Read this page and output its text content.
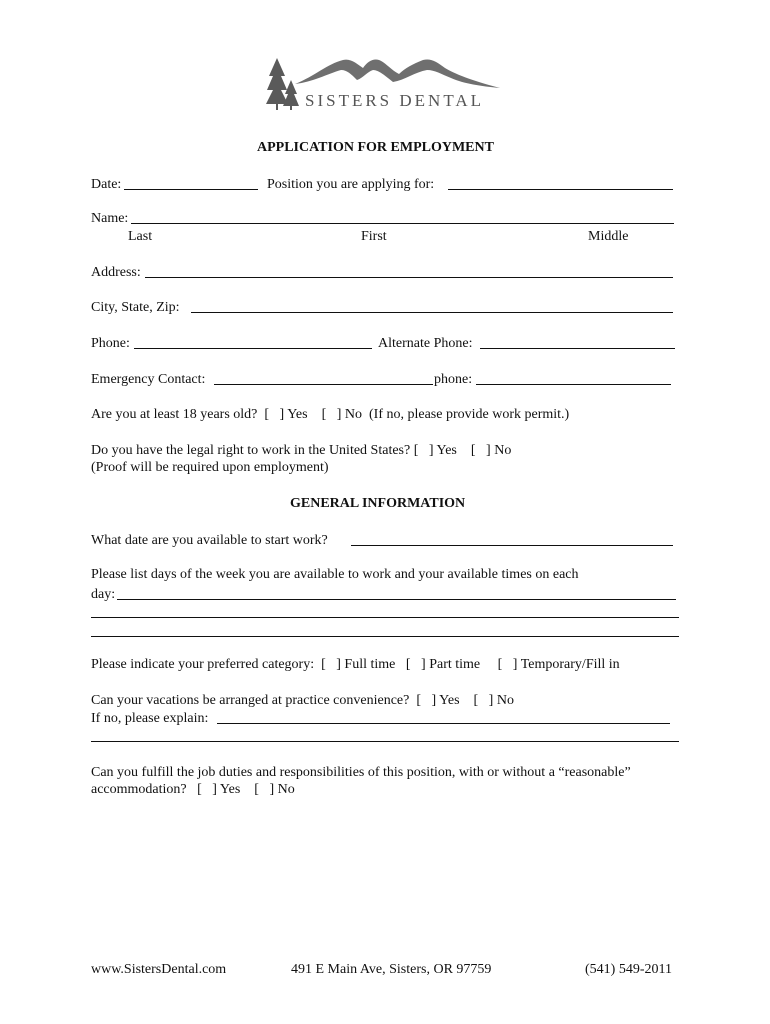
SISTERS DENTAL
APPLICATION FOR EMPLOYMENT
Date:	Position you are applying for:
Name:
Last	First	Middle
Address:
City, State, Zip:
Phone:	Alternate Phone:
Emergency Contact:	phone:
Are you at least 18 years old?  [   ] Yes    [   ] No  (If no, please provide work permit.)
Do you have the legal right to work in the United States? [   ] Yes    [   ] No
(Proof will be required upon employment)
GENERAL INFORMATION
What date are you available to start work?
Please list days of the week you are available to work and your available times on each
day:
Please indicate your preferred category:  [   ] Full time   [   ] Part time     [   ] Temporary/Fill in
Can your vacations be arranged at practice convenience?  [   ] Yes    [   ] No
If no, please explain:
Can you fulfill the job duties and responsibilities of this position, with or without a “reasonable”
accommodation?   [   ] Yes    [   ] No
www.SistersDental.com	491 E Main Ave, Sisters, OR 97759	(541) 549-2011
